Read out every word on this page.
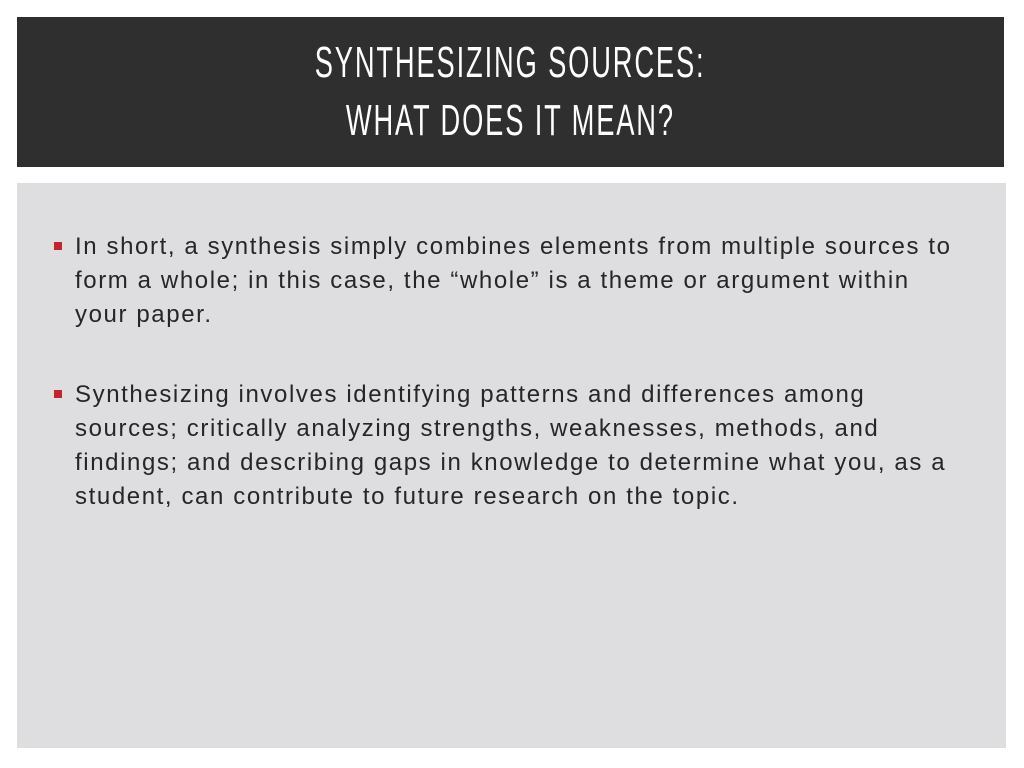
SYNTHESIZING SOURCES:
WHAT DOES IT MEAN?
In short, a synthesis simply combines elements from multiple sources to form a whole; in this case, the “whole” is a theme or argument within your paper.
Synthesizing involves identifying patterns and differences among sources; critically analyzing strengths, weaknesses, methods, and findings; and describing gaps in knowledge to determine what you, as a student, can contribute to future research on the topic.
